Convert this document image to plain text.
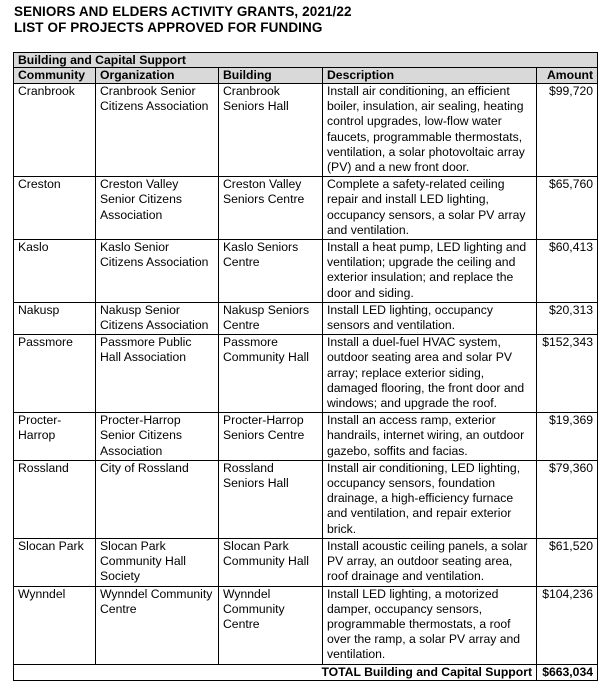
SENIORS AND ELDERS ACTIVITY GRANTS, 2021/22
LIST OF PROJECTS APPROVED FOR FUNDING
Building and Capital Support				
Community	Organization	Building	Description	Amount
Cranbrook	Cranbrook Senior Citizens Association	Cranbrook Seniors Hall	Install air conditioning, an efficient boiler, insulation, air sealing, heating control upgrades, low-flow water faucets, programmable thermostats, ventilation, a solar photovoltaic array (PV) and a new front door.	$99,720
Creston	Creston Valley Senior Citizens Association	Creston Valley Seniors Centre	Complete a safety-related ceiling repair and install LED lighting, occupancy sensors, a solar PV array and ventilation.	$65,760
Kaslo	Kaslo Senior Citizens Association	Kaslo Seniors Centre	Install a heat pump, LED lighting and ventilation; upgrade the ceiling and exterior insulation; and replace the door and siding.	$60,413
Nakusp	Nakusp Senior Citizens Association	Nakusp Seniors Centre	Install LED lighting, occupancy sensors and ventilation.	$20,313
Passmore	Passmore Public Hall Association	Passmore Community Hall	Install a duel-fuel HVAC system, outdoor seating area and solar PV array; replace exterior siding, damaged flooring, the front door and windows; and upgrade the roof.	$152,343
Procter-Harrop	Procter-Harrop Senior Citizens Association	Procter-Harrop Seniors Centre	Install an access ramp, exterior handrails, internet wiring, an outdoor gazebo, soffits and facias.	$19,369
Rossland	City of Rossland	Rossland Seniors Hall	Install air conditioning, LED lighting, occupancy sensors, foundation drainage, a high-efficiency furnace and ventilation, and repair exterior brick.	$79,360
Slocan Park	Slocan Park Community Hall Society	Slocan Park Community Hall	Install acoustic ceiling panels, a solar PV array, an outdoor seating area, roof drainage and ventilation.	$61,520
Wynndel	Wynndel Community Centre	Wynndel Community Centre	Install LED lighting, a motorized damper, occupancy sensors, programmable thermostats, a roof over the ramp, a solar PV array and ventilation.	$104,236
TOTAL Building and Capital Support				$663,034
